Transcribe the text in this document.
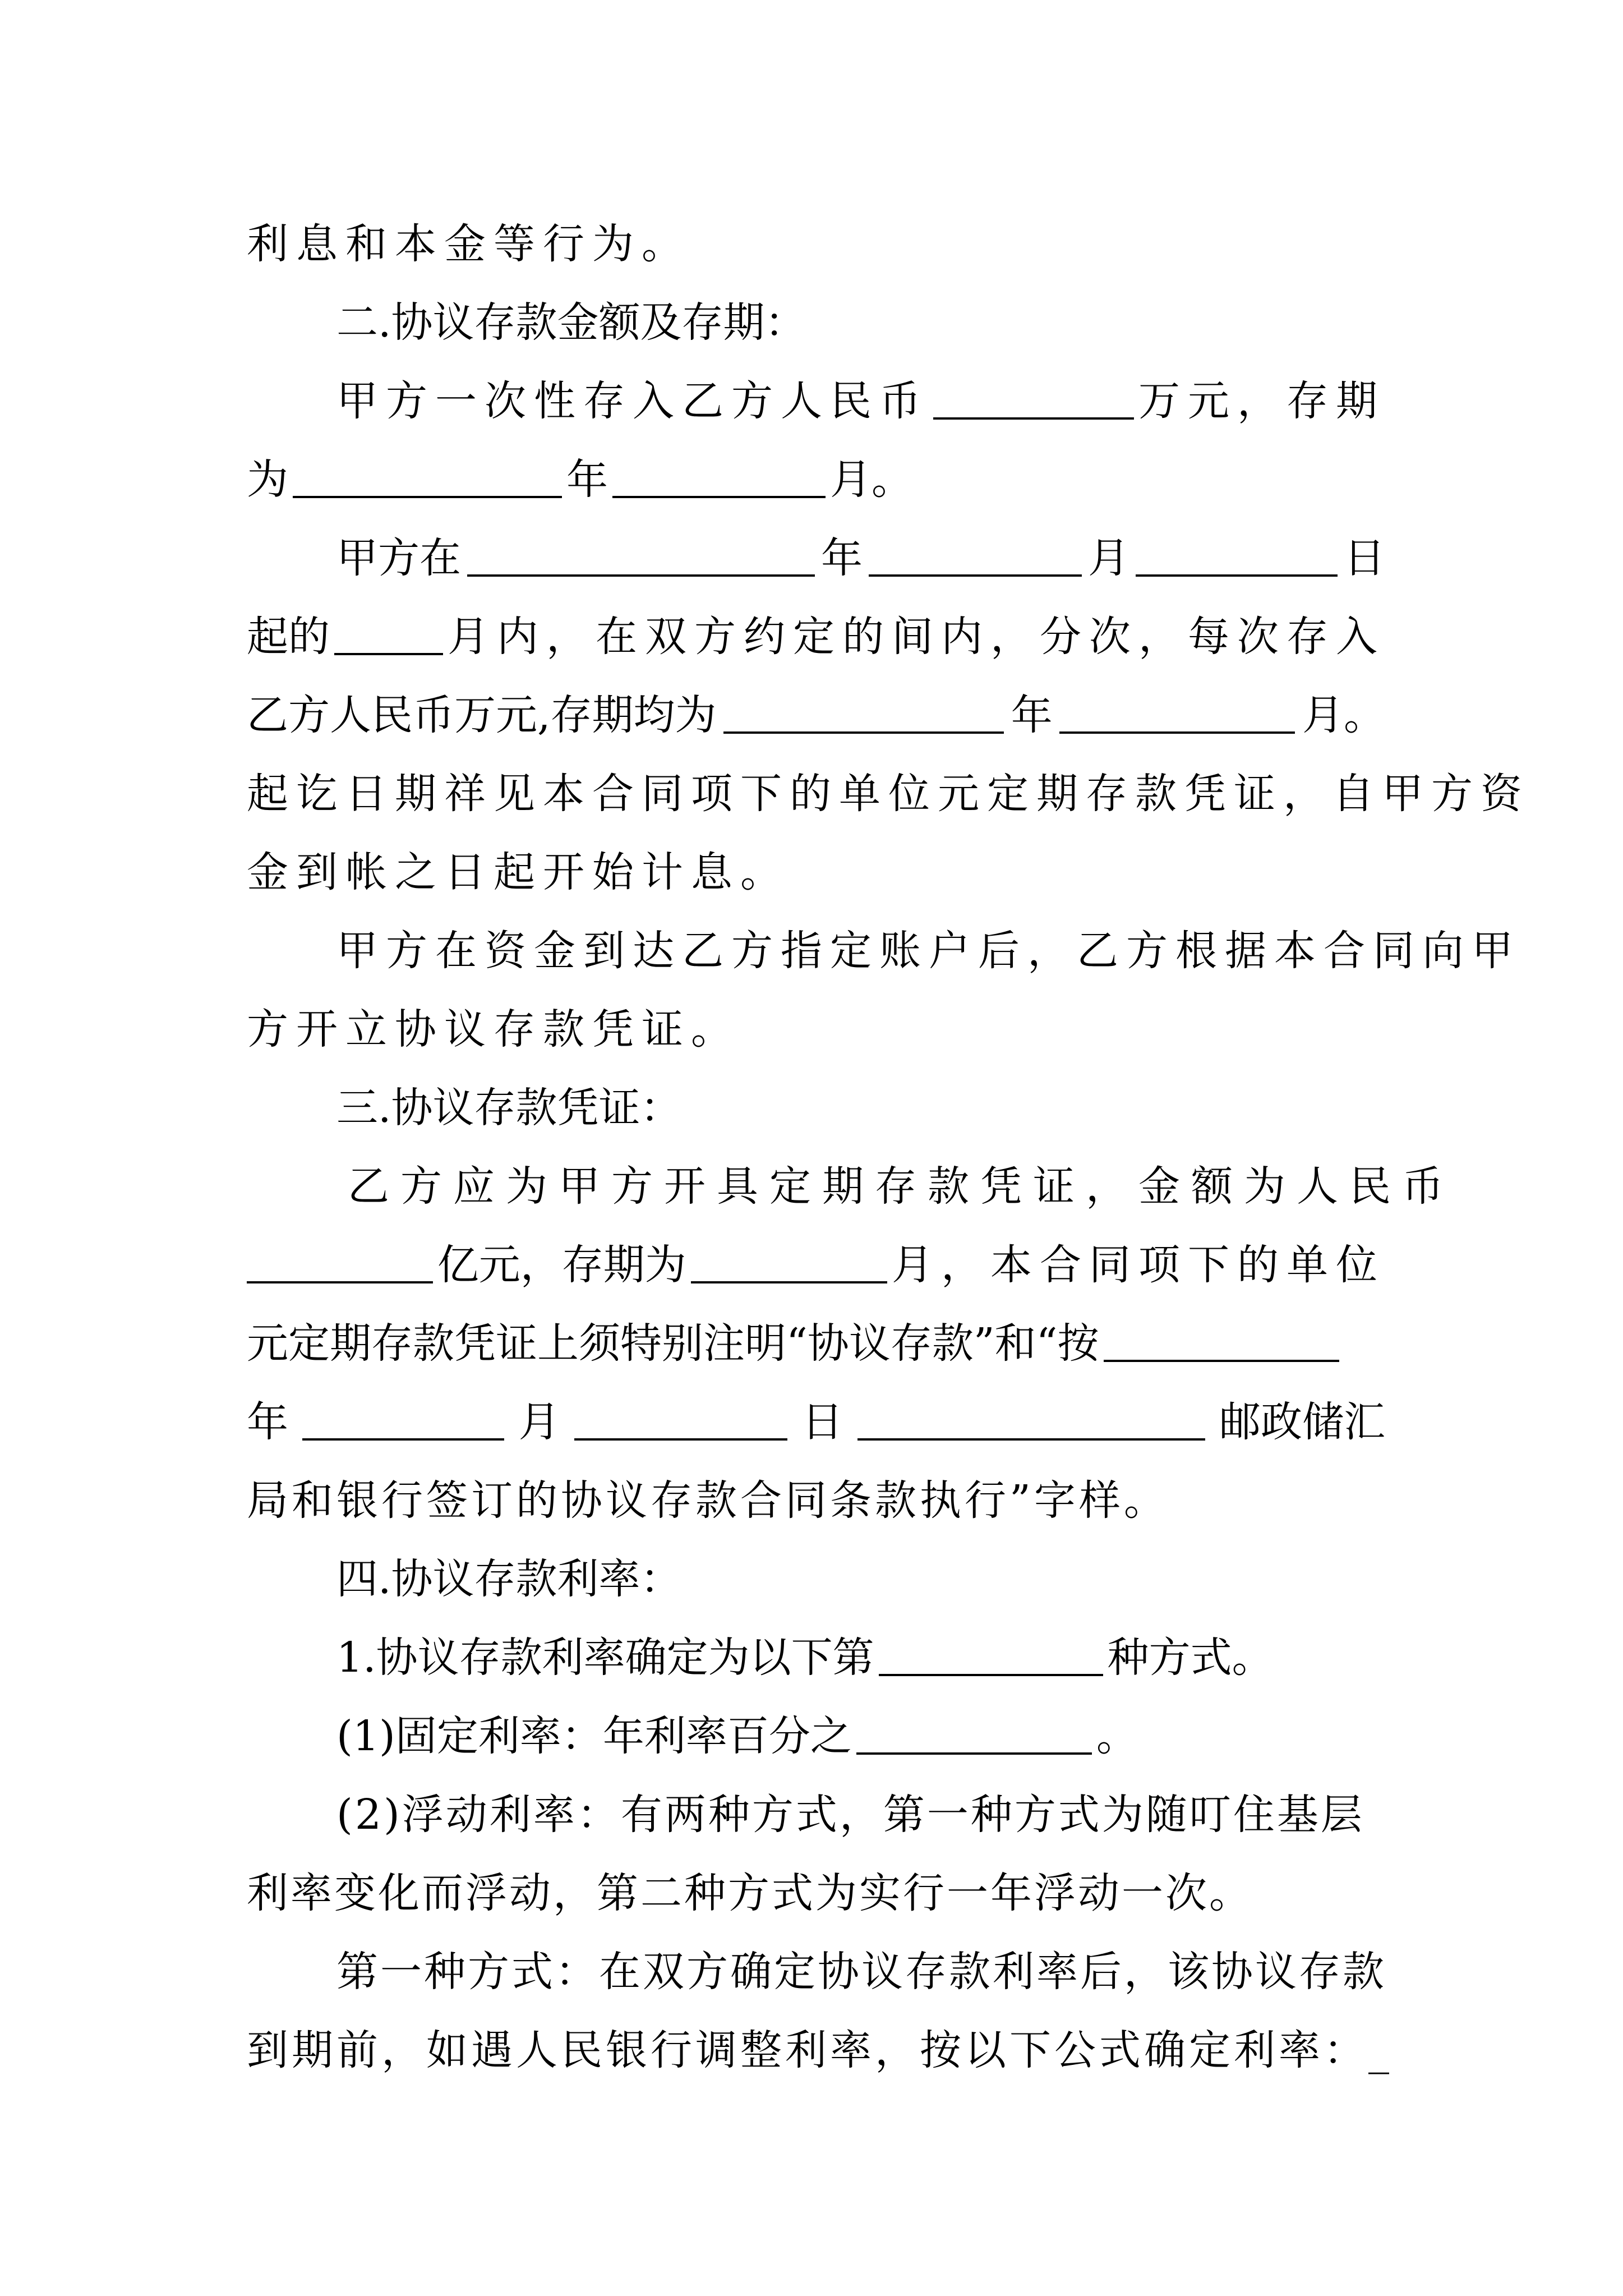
利息和本金等行为。
二.协议存款金额及存期：
甲方一次性存入乙方人民币	万元，存期
为	年	月。
甲方在	年	月	日
起的	月内，在双方约定的间内，分次，每次存入
乙方人民币万元,存期均为	年	月。
起讫日期祥见本合同项下的单位元定期存款凭证，自甲方资
金到帐之日起开始计息。
甲方在资金到达乙方指定账户后，乙方根据本合同向甲
方开立协议存款凭证。
三.协议存款凭证：
乙方应为甲方开具定期存款凭证，金额为人民币
亿元，存期为	月，本合同项下的单位
元定期存款凭证上须特别注明“协议存款”和“按
年	月	日	邮政储汇
局和银行签订的协议存款合同条款执行”字样。
四.协议存款利率：
1.协议存款利率确定为以下第	种方式。
(1)固定利率：年利率百分之	。
(2)浮动利率：有两种方式，第一种方式为随叮住基层
利率变化而浮动，第二种方式为实行一年浮动一次。
第一种方式：在双方确定协议存款利率后，该协议存款
到期前，如遇人民银行调整利率，按以下公式确定利率：_
